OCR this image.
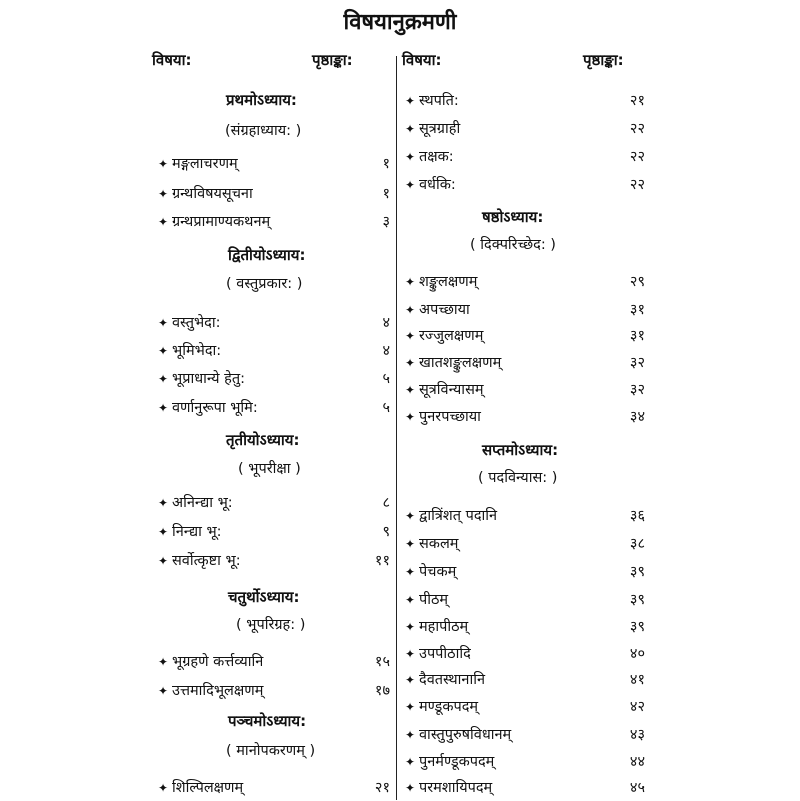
विषयानुक्रमणी
विषया:	पृष्ठाङ्का:	विषया:	पृष्ठाङ्का:
प्रथमोऽध्याय:
(संग्रहाध्याय: )
✦ मङ्गलाचरणम्	१
✦ ग्रन्थविषयसूचना	१
✦ ग्रन्थप्रामाण्यकथनम्	३
द्वितीयोऽध्याय:
( वस्तुप्रकार: )
✦ वस्तुभेदा:	४
✦ भूमिभेदा:	४
✦ भूप्राधान्ये हेतु:	५
✦ वर्णानुरूपा भूमि:	५
तृतीयोऽध्याय:
( भूपरीक्षा )
✦ अनिन्द्या भू:	८
✦ निन्द्या भू:	९
✦ सर्वोत्कृष्टा भू:	११
चतुर्थोऽध्याय:
( भूपरिग्रह: )
✦ भूग्रहणे कर्त्तव्यानि	१५
✦ उत्तमादिभूलक्षणम्	१७
पञ्चमोऽध्याय:
( मानोपकरणम् )
✦ शिल्पिलक्षणम्	२१
✦ स्थपति:	२१
✦ सूत्रग्राही	२२
✦ तक्षक:	२२
✦ वर्धकि:	२२
षष्ठोऽध्याय:
( दिक्परिच्छेद: )
✦ शङ्कुलक्षणम्	२९
✦ अपच्छाया	३१
✦ रज्जुलक्षणम्	३१
✦ खातशङ्कुलक्षणम्	३२
✦ सूत्रविन्यासम्	३२
✦ पुनरपच्छाया	३४
सप्तमोऽध्याय:
( पदविन्यास: )
✦ द्वात्रिंशत् पदानि	३६
✦ सकलम्	३८
✦ पेचकम्	३९
✦ पीठम्	३९
✦ महापीठम्	३९
✦ उपपीठादि	४०
✦ दैवतस्थानानि	४१
✦ मण्डूकपदम्	४२
✦ वास्तुपुरुषविधानम्	४३
✦ पुनर्मण्डूकपदम्	४४
✦ परमशायिपदम्	४५
